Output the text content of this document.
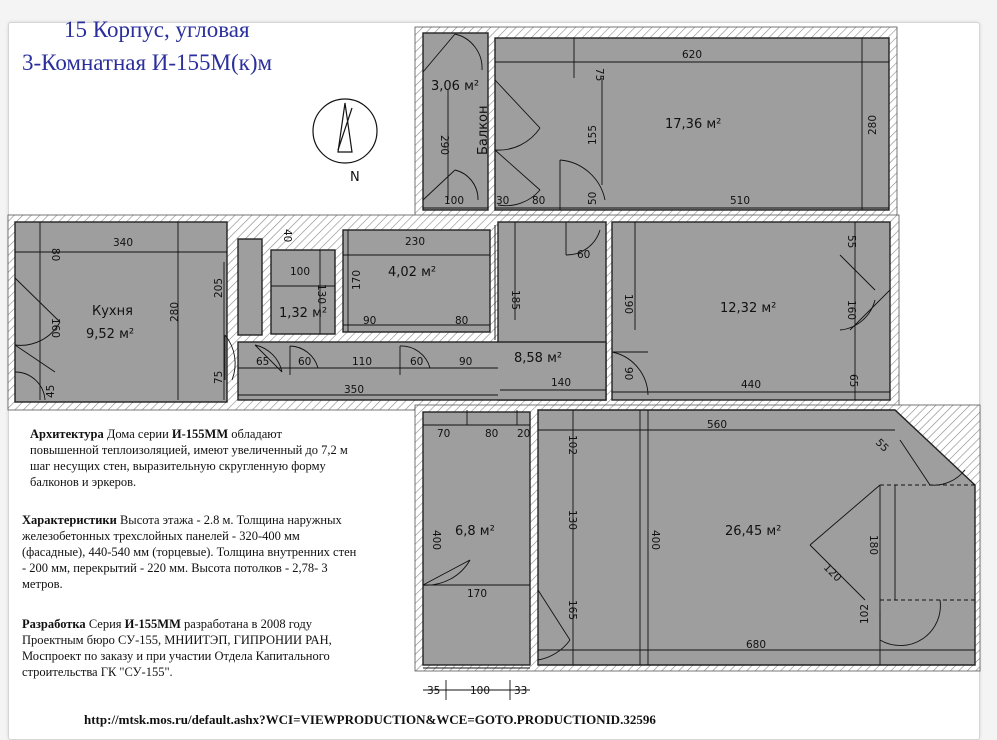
N
3,06 м²
Балкон	17,36 м²
Кухня
9,52 м²
1,32 м²
4,02 м²
8,58 м²
12,32 м²
6,8 м²	26,45 м²
620
75
155	280
290
100	30 80	50	510
340
80
160
45
280
205
75
40
100
130
230
170
90	80
65	60	110	60	90
350
185
60
140
190
55
160
90
65
440
70	80 20
102
130
165
400
170
560
55
400	180
120
102
680
35	100 33
15 Корпус, угловая
3-Комнатная И-155М(к)м
Архитектура Дома серии И-155ММ обладают повышенной теплоизоляцией, имеют увеличенный до 7,2 м шаг несущих стен, выразительную скругленную форму балконов и эркеров.
Характеристики Высота этажа - 2.8 м. Толщина наружных железобетонных трехслойных панелей - 320-400 мм (фасадные), 440-540 мм (торцевые). Толщина внутренних стен - 200 мм, перекрытий - 220 мм. Высота потолков - 2,78- 3 метров.
Разработка Серия И-155ММ разработана в 2008 году Проектным бюро СУ-155, МНИИТЭП, ГИПРОНИИ РАН, Моспроект по заказу и при участии Отдела Капитального строительства ГК "СУ-155".
http://mtsk.mos.ru/default.ashx?WCI=VIEWPRODUCTION&WCE=GOTO.PRODUCTIONID.32596
